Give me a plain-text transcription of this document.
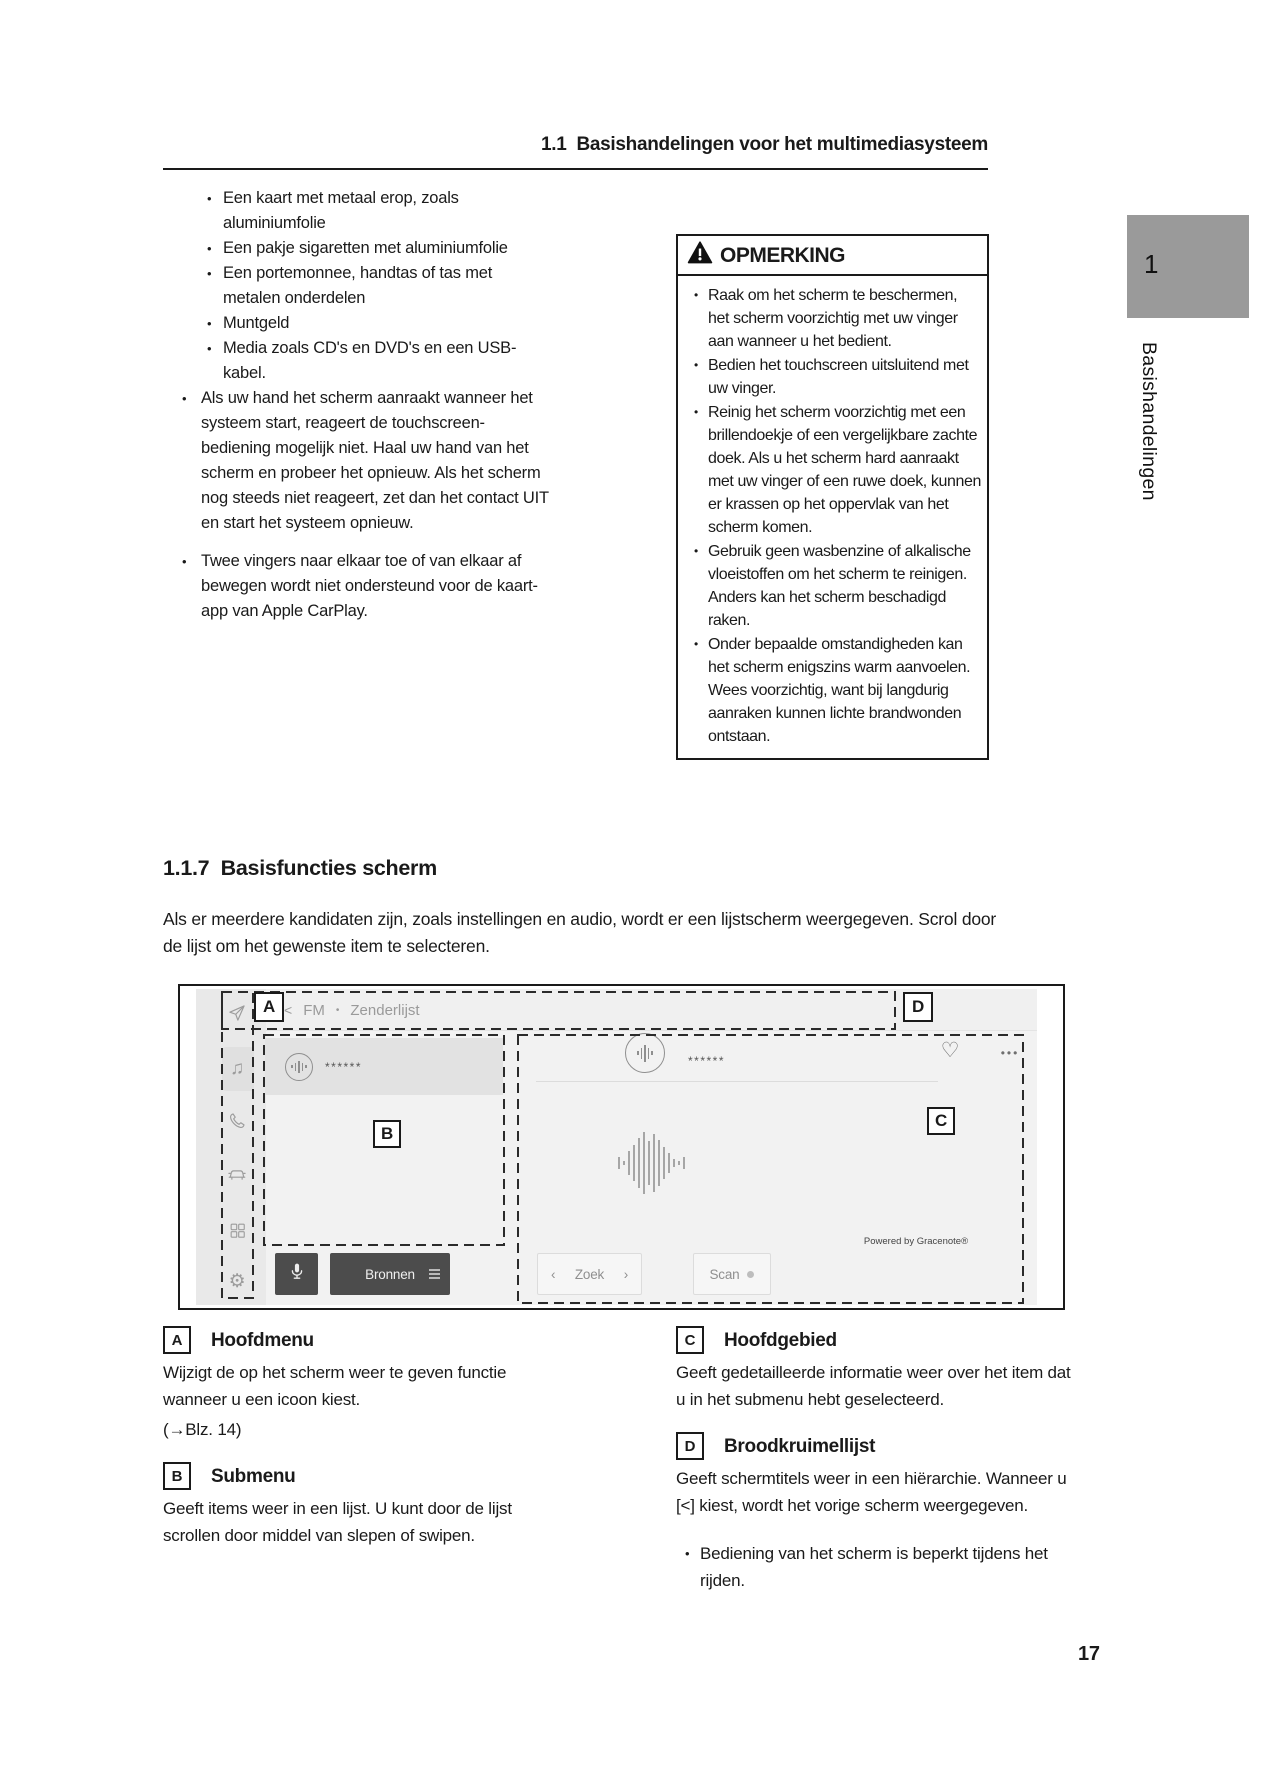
1.1  Basishandelingen voor het multimediasysteem
1
Basishandelingen
• Een kaart met metaal erop, zoals aluminiumfolie
• Een pakje sigaretten met aluminiumfolie
• Een portemonnee, handtas of tas met metalen onderdelen
• Muntgeld
• Media zoals CD's en DVD's en een USB-kabel.
• Als uw hand het scherm aanraakt wanneer het systeem start, reageert de touchscreen-bediening mogelijk niet. Haal uw hand van het scherm en probeer het opnieuw. Als het scherm nog steeds niet reageert, zet dan het contact UIT en start het systeem opnieuw.
• Twee vingers naar elkaar toe of van elkaar af bewegen wordt niet ondersteund voor de kaart-app van Apple CarPlay.
OPMERKING
• Raak om het scherm te beschermen, het scherm voorzichtig met uw vinger aan wanneer u het bedient.
• Bedien het touchscreen uitsluitend met uw vinger.
• Reinig het scherm voorzichtig met een brillendoekje of een vergelijkbare zachte doek. Als u het scherm hard aanraakt met uw vinger of een ruwe doek, kunnen er krassen op het oppervlak van het scherm komen.
• Gebruik geen wasbenzine of alkalische vloeistoffen om het scherm te reinigen. Anders kan het scherm beschadigd raken.
• Onder bepaalde omstandigheden kan het scherm enigszins warm aanvoelen. Wees voorzichtig, want bij langdurig aanraken kunnen lichte brandwonden ontstaan.
1.1.7  Basisfuncties scherm
Als er meerdere kandidaten zijn, zoals instellingen en audio, wordt er een lijstscherm weergegeven. Scrol door de lijst om het gewenste item te selecteren.
< FM • Zenderlijst
♫
⚙
******	******	♡	•••
Powered by Gracenote®
Bronnen	‹ Zoek ›	Scan
A	D
B
C
A	Hoofdmenu
Wijzigt de op het scherm weer te geven functie wanneer u een icoon kiest.
(→Blz. 14)
B	Submenu
Geeft items weer in een lijst. U kunt door de lijst scrollen door middel van slepen of swipen.
C	Hoofdgebied
Geeft gedetailleerde informatie weer over het item dat u in het submenu hebt geselecteerd.
D	Broodkruimellijst
Geeft schermtitels weer in een hiërarchie. Wanneer u [<] kiest, wordt het vorige scherm weergegeven.
• Bediening van het scherm is beperkt tijdens het rijden.
17
